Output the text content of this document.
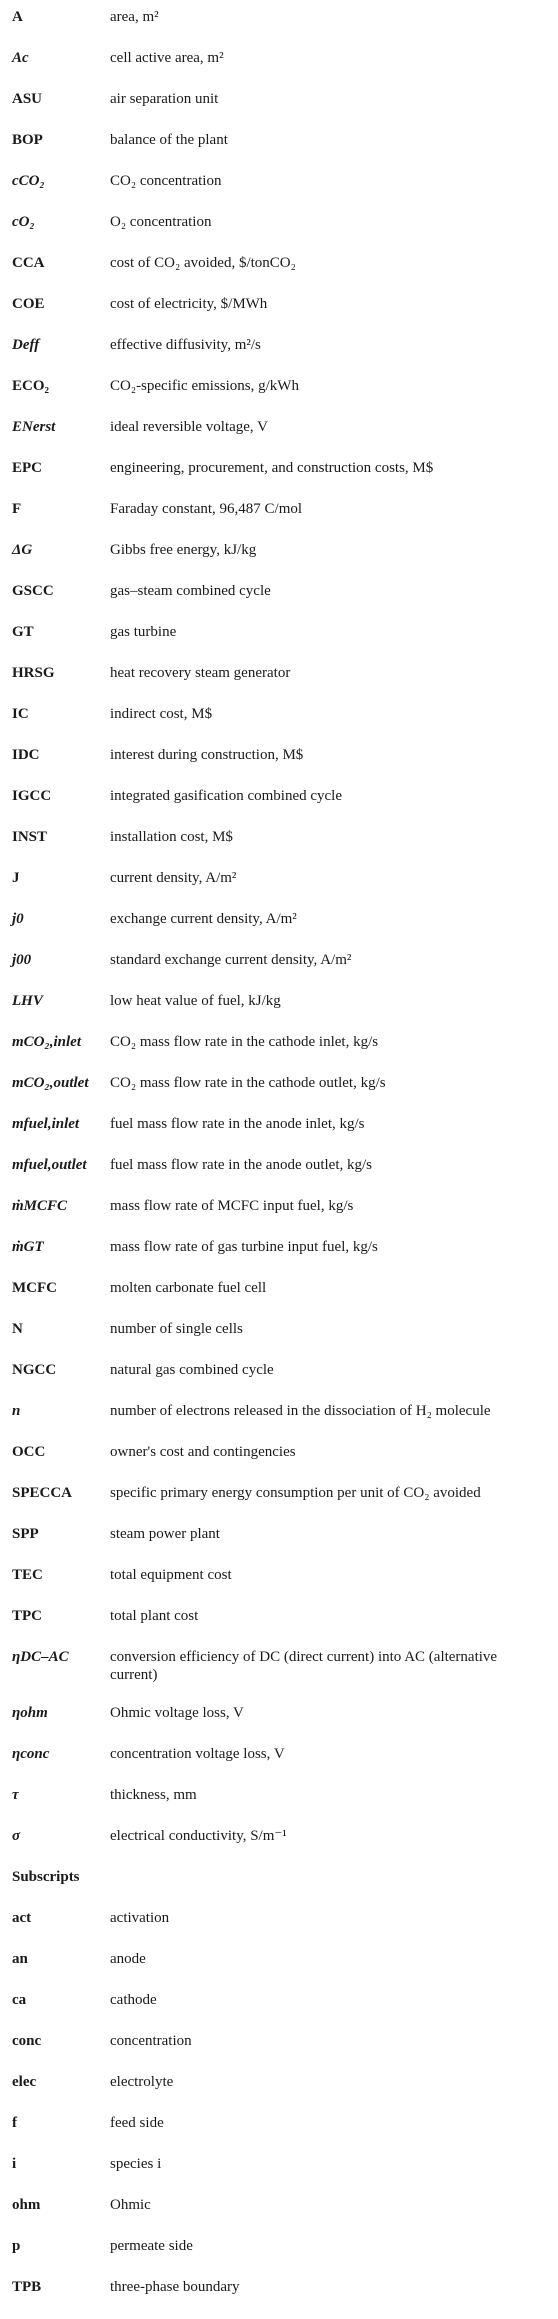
A	area, m²
Ac	cell active area, m²
ASU	air separation unit
BOP	balance of the plant
cCO₂	CO₂ concentration
cO₂	O₂ concentration
CCA	cost of CO₂ avoided, $/tonCO₂
COE	cost of electricity, $/MWh
Deff	effective diffusivity, m²/s
ECO₂	CO₂-specific emissions, g/kWh
ENerst	ideal reversible voltage, V
EPC	engineering, procurement, and construction costs, M$
F	Faraday constant, 96,487 C/mol
ΔG	Gibbs free energy, kJ/kg
GSCC	gas–steam combined cycle
GT	gas turbine
HRSG	heat recovery steam generator
IC	indirect cost, M$
IDC	interest during construction, M$
IGCC	integrated gasification combined cycle
INST	installation cost, M$
J	current density, A/m²
j0	exchange current density, A/m²
j00	standard exchange current density, A/m²
LHV	low heat value of fuel, kJ/kg
mCO₂,inlet	CO₂ mass flow rate in the cathode inlet, kg/s
mCO₂,outlet	CO₂ mass flow rate in the cathode outlet, kg/s
mfuel,inlet	fuel mass flow rate in the anode inlet, kg/s
mfuel,outlet	fuel mass flow rate in the anode outlet, kg/s
ṁMCFC	mass flow rate of MCFC input fuel, kg/s
ṁGT	mass flow rate of gas turbine input fuel, kg/s
MCFC	molten carbonate fuel cell
N	number of single cells
NGCC	natural gas combined cycle
n	number of electrons released in the dissociation of H₂ molecule
OCC	owner's cost and contingencies
SPECCA	specific primary energy consumption per unit of CO₂ avoided
SPP	steam power plant
TEC	total equipment cost
TPC	total plant cost
ηDC–AC	conversion efficiency of DC (direct current) into AC (alternative current)
ηohm	Ohmic voltage loss, V
ηconc	concentration voltage loss, V
τ	thickness, mm
σ	electrical conductivity, S/m⁻¹
Subscripts
act	activation
an	anode
ca	cathode
conc	concentration
elec	electrolyte
f	feed side
i	species i
ohm	Ohmic
p	permeate side
TPB	three-phase boundary
